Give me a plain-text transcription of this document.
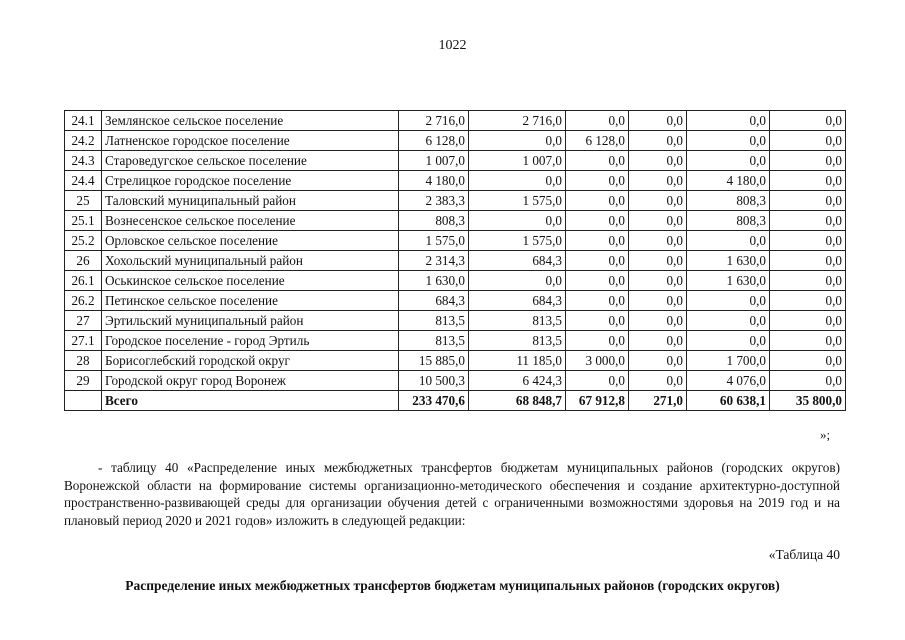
1022
24.1	Землянское сельское поселение	2 716,0	2 716,0	0,0	0,0	0,0	0,0
24.2	Латненское городское поселение	6 128,0	0,0	6 128,0	0,0	0,0	0,0
24.3	Староведугское сельское поселение	1 007,0	1 007,0	0,0	0,0	0,0	0,0
24.4	Стрелицкое городское поселение	4 180,0	0,0	0,0	0,0	4 180,0	0,0
25	Таловский муниципальный район	2 383,3	1 575,0	0,0	0,0	808,3	0,0
25.1	Вознесенское сельское поселение	808,3	0,0	0,0	0,0	808,3	0,0
25.2	Орловское сельское поселение	1 575,0	1 575,0	0,0	0,0	0,0	0,0
26	Хохольский муниципальный район	2 314,3	684,3	0,0	0,0	1 630,0	0,0
26.1	Оськинское сельское поселение	1 630,0	0,0	0,0	0,0	1 630,0	0,0
26.2	Петинское сельское поселение	684,3	684,3	0,0	0,0	0,0	0,0
27	Эртильский муниципальный район	813,5	813,5	0,0	0,0	0,0	0,0
27.1	Городское поселение - город Эртиль	813,5	813,5	0,0	0,0	0,0	0,0
28	Борисоглебский городской округ	15 885,0	11 185,0	3 000,0	0,0	1 700,0	0,0
29	Городской округ город Воронеж	10 500,3	6 424,3	0,0	0,0	4 076,0	0,0
	Всего	233 470,6	68 848,7	67 912,8	271,0	60 638,1	35 800,0
»;

- таблицу 40 «Распределение иных межбюджетных трансфертов бюджетам муниципальных районов (городских округов) Воронежской области на формирование системы организационно-методического обеспечения и создание архитектурно-доступной пространственно-развивающей среды для организации обучения детей с ограниченными возможностями здоровья на 2019 год и на плановый период 2020 и 2021 годов» изложить в следующей редакции:

«Таблица 40
Распределение иных межбюджетных трансфертов бюджетам муниципальных районов (городских округов)
